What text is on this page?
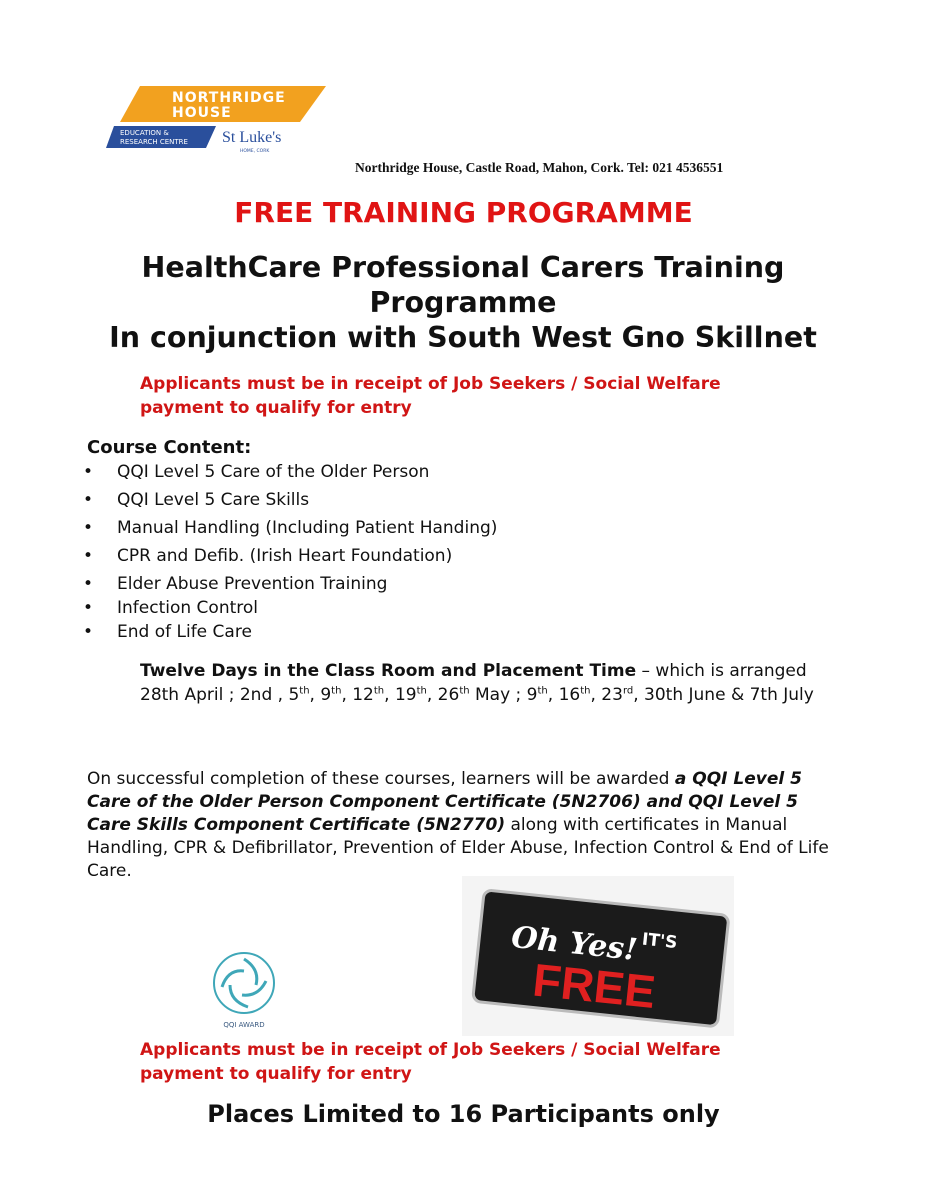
NORTHRIDGE
HOUSE
EDUCATION &
RESEARCH CENTRE St Luke's
HOME, CORK
Northridge House, Castle Road, Mahon, Cork. Tel: 021 4536551
FREE TRAINING PROGRAMME
HealthCare Professional Carers Training
Programme
In conjunction with South West Gno Skillnet
Applicants must be in receipt of Job Seekers / Social Welfare payment to qualify for entry
Course Content:
• QQI Level 5 Care of the Older Person
• QQI Level 5 Care Skills
• Manual Handling (Including Patient Handing)
• CPR and Defib. (Irish Heart Foundation)
• Elder Abuse Prevention Training
• Infection Control
• End of Life Care
Twelve Days in the Class Room and Placement Time – which is arranged
28th April ; 2nd , 5th, 9th, 12th, 19th, 26th May ; 9th, 16th, 23rd, 30th June & 7th July
On successful completion of these courses, learners will be awarded a QQI Level 5 Care of the Older Person Component Certificate (5N2706) and QQI Level 5 Care Skills Component Certificate (5N2770) along with certificates in Manual Handling, CPR & Defibrillator, Prevention of Elder Abuse, Infection Control & End of Life Care.
QQI AWARD
Oh Yes! IT'S
FREE
Applicants must be in receipt of Job Seekers / Social Welfare payment to qualify for entry
Places Limited to 16 Participants only
